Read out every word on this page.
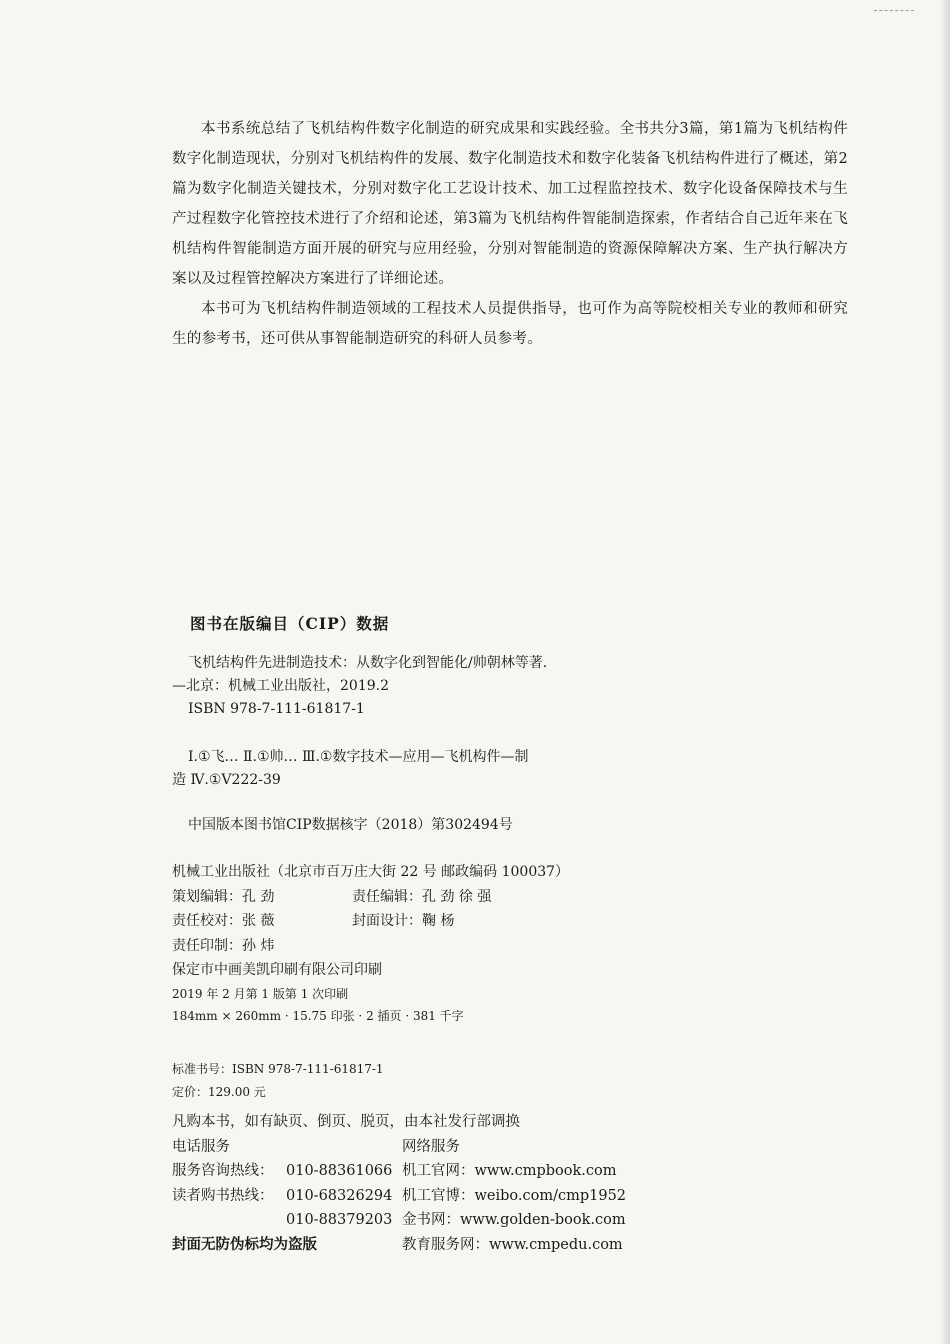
本书系统总结了飞机结构件数字化制造的研究成果和实践经验。全书共分3篇，第1篇为飞机结构件数字化制造现状，分别对飞机结构件的发展、数字化制造技术和数字化装备飞机结构件进行了概述，第2篇为数字化制造关键技术，分别对数字化工艺设计技术、加工过程监控技术、数字化设备保障技术与生产过程数字化管控技术进行了介绍和论述，第3篇为飞机结构件智能制造探索，作者结合自己近年来在飞机结构件智能制造方面开展的研究与应用经验，分别对智能制造的资源保障解决方案、生产执行解决方案以及过程管控解决方案进行了详细论述。

本书可为飞机结构件制造领域的工程技术人员提供指导，也可作为高等院校相关专业的教师和研究生的参考书，还可供从事智能制造研究的科研人员参考。

图书在版编目（CIP）数据
飞机结构件先进制造技术：从数字化到智能化/帅朝林等著.
—北京：机械工业出版社，2019.2
ISBN 978-7-111-61817-1
Ⅰ.①飞… Ⅱ.①帅… Ⅲ.①数字技术—应用—飞机构件—制
造 Ⅳ.①V222-39
中国版本图书馆CIP数据核字（2018）第302494号
机械工业出版社（北京市百万庄大街 22 号 邮政编码 100037）
策划编辑：孔 劲	责任编辑：孔 劲 徐 强
责任校对：张 薇	封面设计：鞠 杨
责任印制：孙 炜
保定市中画美凯印刷有限公司印刷
2019 年 2 月第 1 版第 1 次印刷
184mm × 260mm · 15.75 印张 · 2 插页 · 381 千字
标准书号：ISBN 978-7-111-61817-1
定价：129.00 元
凡购本书，如有缺页、倒页、脱页，由本社发行部调换
电话服务	网络服务
服务咨询热线： 010-88361066 机工官网：www.cmpbook.com
读者购书热线： 010-68326294 机工官博：weibo.com/cmp1952
010-88379203 金书网：www.golden-book.com
封面无防伪标均为盗版	教育服务网：www.cmpedu.com
